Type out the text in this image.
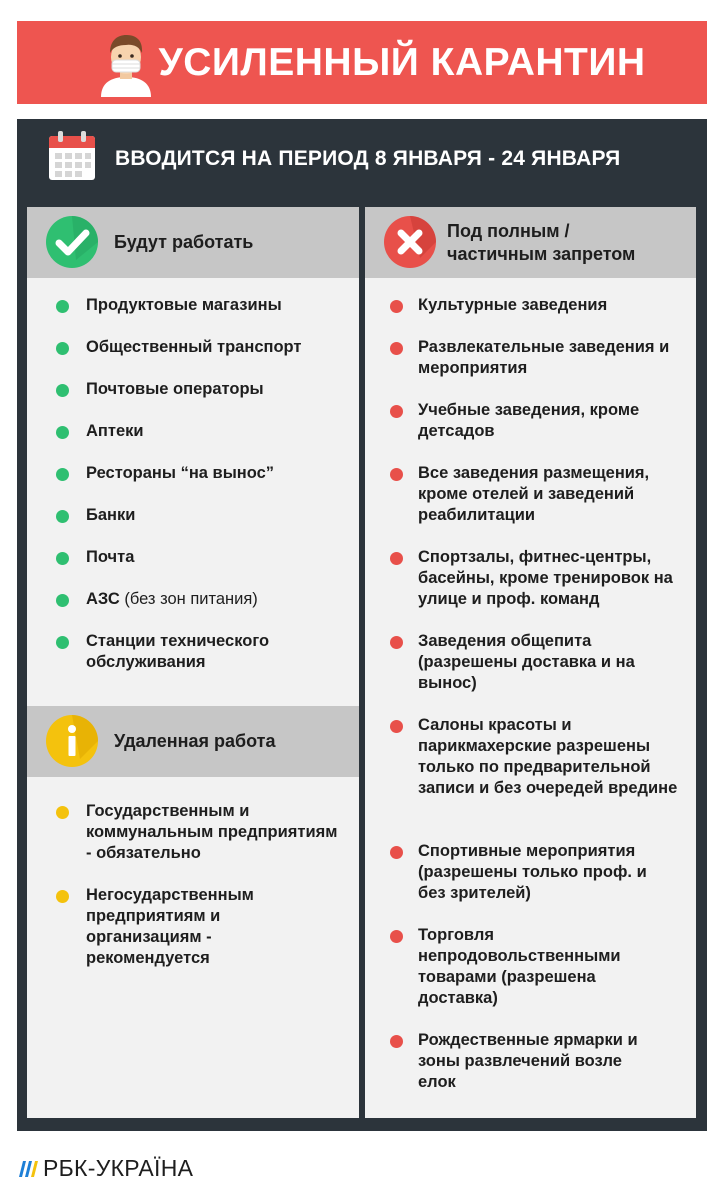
УСИЛЕННЫЙ КАРАНТИН
ВВОДИТСЯ НА ПЕРИОД 8 ЯНВАРЯ - 24 ЯНВАРЯ
Будут работать
Продуктовые магазины
Общественный транспорт
Почтовые операторы
Аптеки
Рестораны “на вынос”
Банки
Почта
АЗС (без зон питания)
Станции технического обслуживания
Удаленная работа
Государственным и коммунальным предприятиям - обязательно
Негосударственным предприятиям и организациям - рекомендуется
Под полным /
частичным запретом
Культурные заведения
Развлекательные заведения и мероприятия
Учебные заведения, кроме детсадов
Все заведения размещения, кроме отелей и заведений реабилитации
Спортзалы, фитнес-центры, басейны, кроме тренировок на улице и проф. команд
Заведения общепита (разрешены доставка и на вынос)
Салоны красоты и парикмахерские разрешены только по предварительной записи и без очередей вредине
Спортивные мероприятия (разрешены только проф. и без зрителей)
Торговля непродовольственными товарами (разрешена доставка)
Рождественные ярмарки и зоны развлечений возле елок
РБК-УКРАЇНА
